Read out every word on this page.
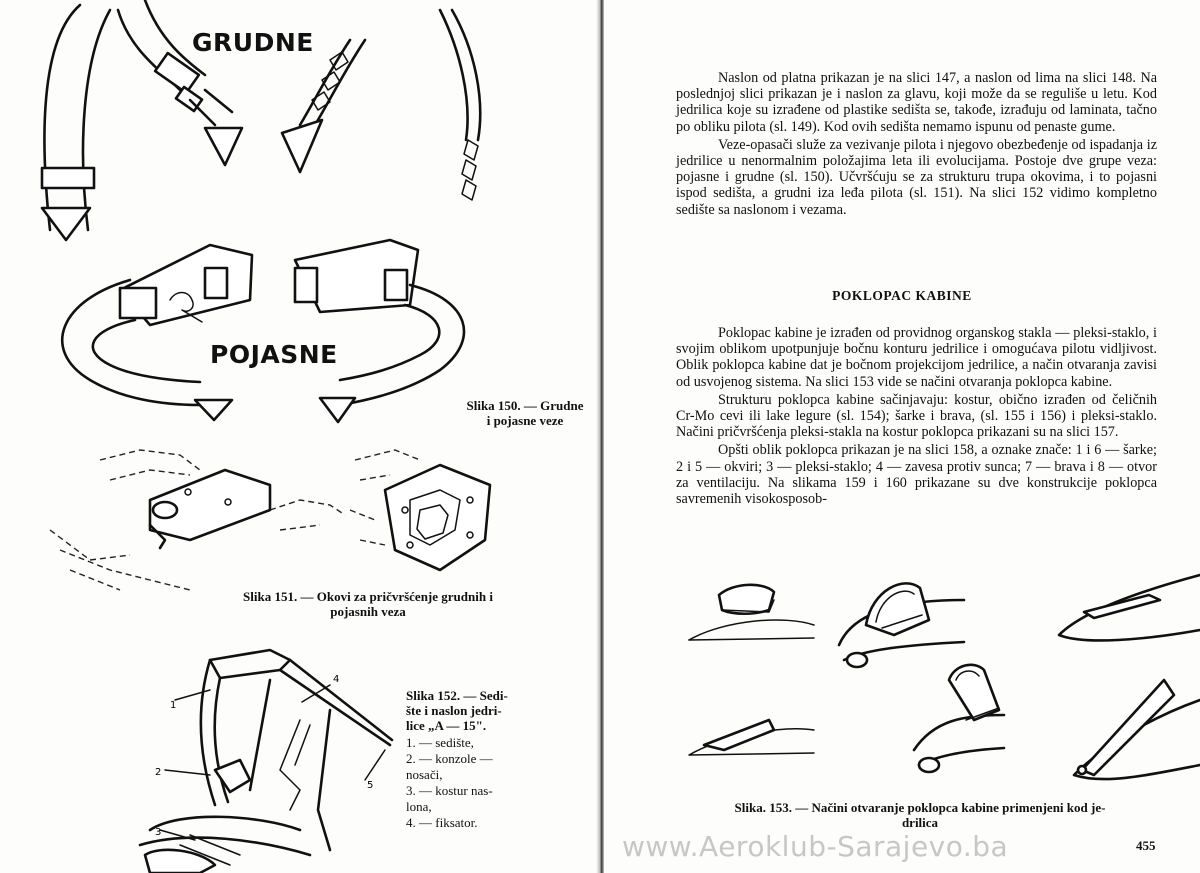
GRUDNE
POJASNE
Slika 150. — Grudne
i pojasne veze
Slika 151. — Okovi za pričvršćenje grudnih i
pojasnih veza
1
2
3
4
5
Slika 152. — Sedi-
šte i naslon jedri-
lice „A — 15".
1. — sedište,
2. — konzole —
nosači,
3. — kostur nas-
lona,
4. — fiksator.

Naslon od platna prikazan je na slici 147, a naslon od lima na slici 148. Na poslednjoj slici prikazan je i naslon za glavu, koji može da se reguliše u letu. Kod jedrilica koje su izrađene od plastike sedišta se, takođe, izrađuju od laminata, tačno po obliku pilota (sl. 149). Kod ovih sedišta nemamo ispunu od penaste gume.

Veze-opasači služe za vezivanje pilota i njegovo obezbeđenje od ispadanja iz jedrilice u nenormalnim položajima leta ili evolucijama. Postoje dve grupe veza: pojasne i grudne (sl. 150). Učvršćuju se za strukturu trupa okovima, i to pojasni ispod sedišta, a grudni iza leđa pilota (sl. 151). Na slici 152 vidimo kompletno sedište sa naslonom i vezama.

POKLOPAC KABINE

Poklopac kabine je izrađen od providnog organskog stakla — pleksi-staklo, i svojim oblikom upotpunjuje bočnu konturu jedrilice i omogućava pilotu vidljivost. Oblik poklopca kabine dat je bočnom projekcijom jedrilice, a način otvaranja zavisi od usvojenog sistema. Na slici 153 vide se načini otvaranja poklopca kabine.

Strukturu poklopca kabine sačinjavaju: kostur, obično izrađen od čeličnih Cr-Mo cevi ili lake legure (sl. 154); šarke i brava, (sl. 155 i 156) i pleksi-staklo. Načini pričvršćenja pleksi-stakla na kostur poklopca prikazani su na slici 157.

Opšti oblik poklopca prikazan je na slici 158, a oznake znače: 1 i 6 — šarke; 2 i 5 — okviri; 3 — pleksi-staklo; 4 — zavesa protiv sunca; 7 — brava i 8 — otvor za ventilaciju. Na slikama 159 i 160 prikazane su dve konstrukcije poklopca savremenih visokosposob-

Slika. 153. — Načini otvaranje poklopca kabine primenjeni kod je-
drilica
www.Aeroklub-Sarajevo.ba	455
